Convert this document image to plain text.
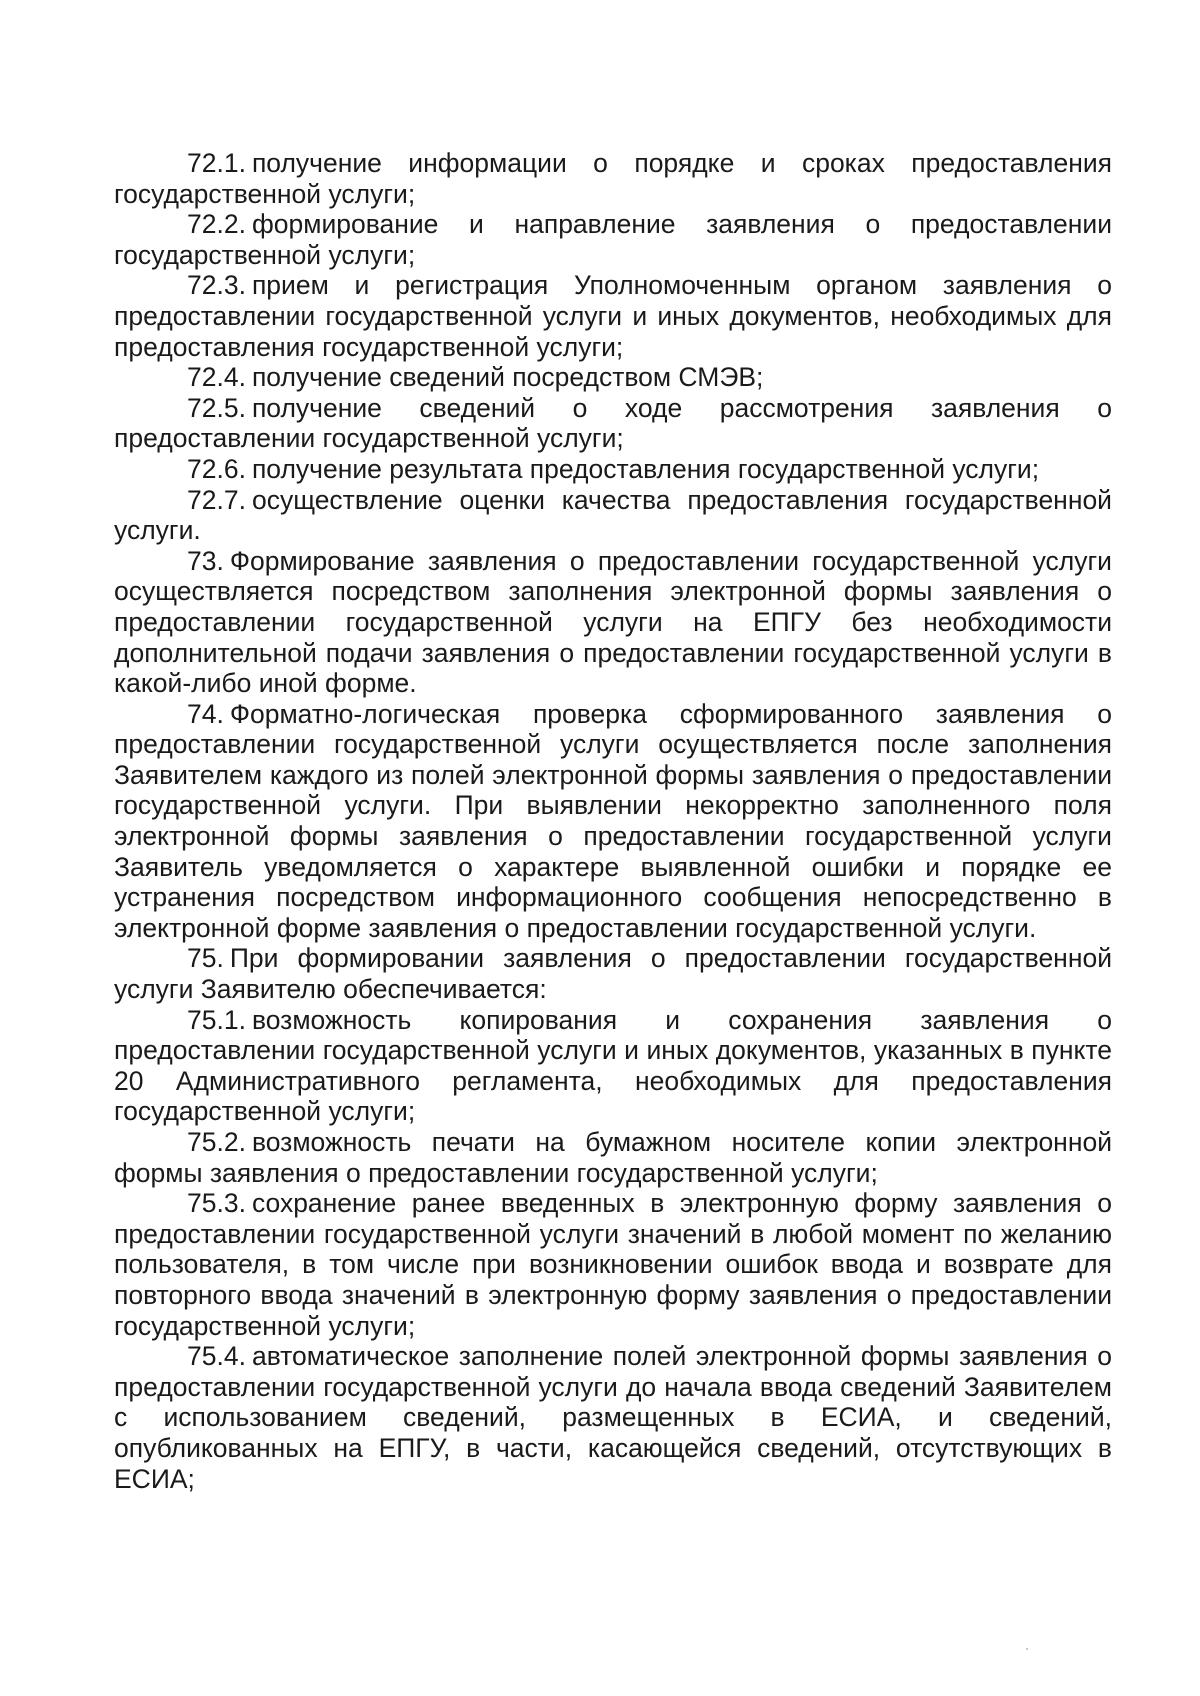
72.1. получение информации о порядке и сроках предоставления государственной услуги;

72.2. формирование и направление заявления о предоставлении государственной услуги;

72.3. прием и регистрация Уполномоченным органом заявления о предоставлении государственной услуги и иных документов, необходимых для предоставления государственной услуги;

72.4. получение сведений посредством СМЭВ;

72.5. получение сведений о ходе рассмотрения заявления о предоставлении государственной услуги;

72.6. получение результата предоставления государственной услуги;

72.7. осуществление оценки качества предоставления государственной услуги.

73. Формирование заявления о предоставлении государственной услуги осуществляется посредством заполнения электронной формы заявления о предоставлении государственной услуги на ЕПГУ без необходимости дополнительной подачи заявления о предоставлении государственной услуги в какой-либо иной форме.

74. Форматно-логическая проверка сформированного заявления о предоставлении государственной услуги осуществляется после заполнения Заявителем каждого из полей электронной формы заявления о предоставлении государственной услуги. При выявлении некорректно заполненного поля электронной формы заявления о предоставлении государственной услуги Заявитель уведомляется о характере выявленной ошибки и порядке ее устранения посредством информационного сообщения непосредственно в электронной форме заявления о предоставлении государственной услуги.

75. При формировании заявления о предоставлении государственной услуги Заявителю обеспечивается:

75.1. возможность копирования и сохранения заявления о предоставлении государственной услуги и иных документов, указанных в пункте 20 Административного регламента, необходимых для предоставления государственной услуги;

75.2. возможность печати на бумажном носителе копии электронной формы заявления о предоставлении государственной услуги;

75.3. сохранение ранее введенных в электронную форму заявления о предоставлении государственной услуги значений в любой момент по желанию пользователя, в том числе при возникновении ошибок ввода и возврате для повторного ввода значений в электронную форму заявления о предоставлении государственной услуги;

75.4. автоматическое заполнение полей электронной формы заявления о предоставлении государственной услуги до начала ввода сведений Заявителем с использованием сведений, размещенных в ЕСИА, и сведений, опубликованных на ЕПГУ, в части, касающейся сведений, отсутствующих в ЕСИА;
